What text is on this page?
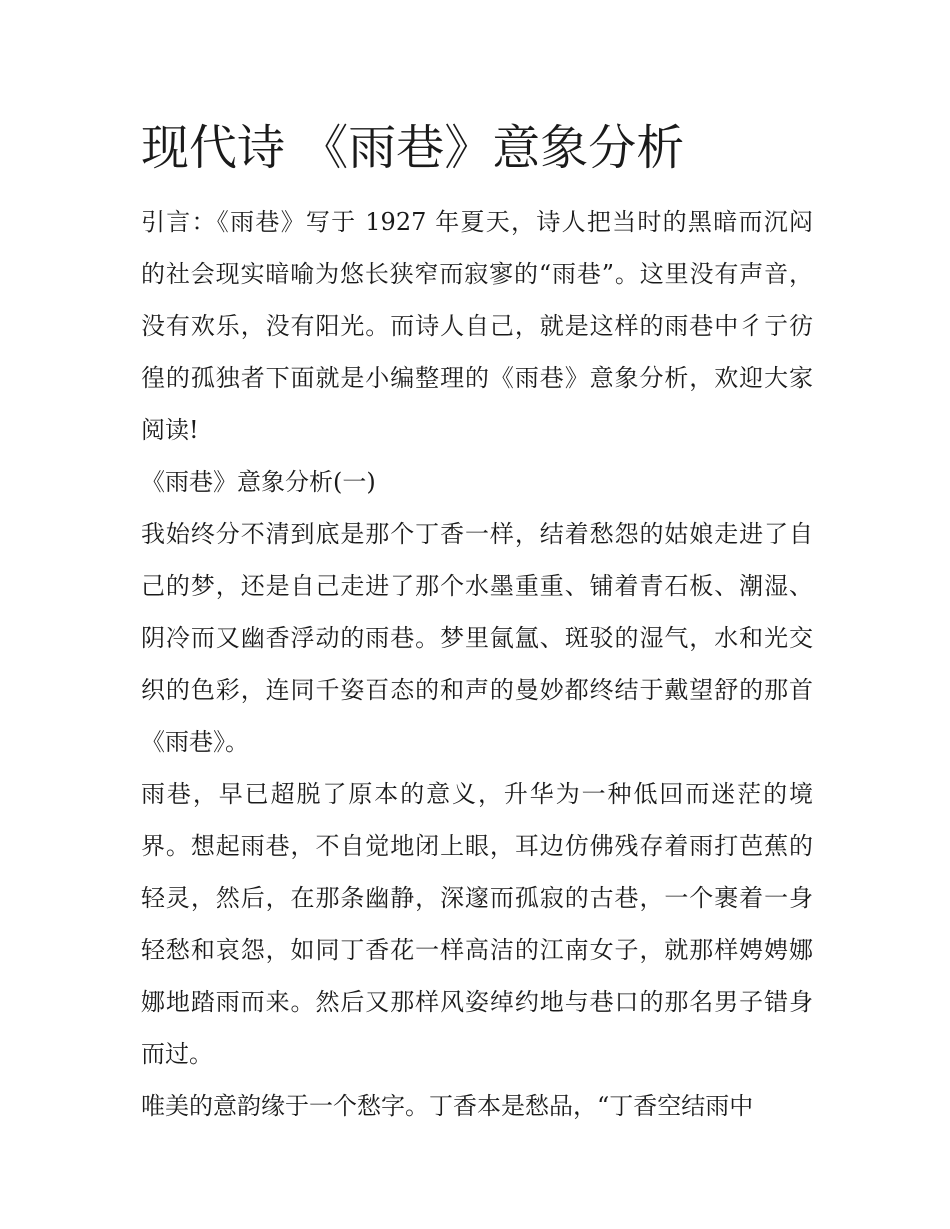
现代诗 《雨巷》意象分析
引言：《雨巷》写于 1927 年夏天，诗人把当时的黑暗而沉闷
的社会现实暗喻为悠长狭窄而寂寥的“雨巷”。这里没有声音，
没有欢乐，没有阳光。而诗人自己，就是这样的雨巷中彳亍彷
徨的孤独者下面就是小编整理的《雨巷》意象分析，欢迎大家
阅读!
《雨巷》意象分析(一)
我始终分不清到底是那个丁香一样，结着愁怨的姑娘走进了自
己的梦，还是自己走进了那个水墨重重、铺着青石板、潮湿、
阴冷而又幽香浮动的雨巷。梦里氤氲、斑驳的湿气，水和光交
织的色彩，连同千姿百态的和声的曼妙都终结于戴望舒的那首
《雨巷》。
雨巷，早已超脱了原本的意义，升华为一种低回而迷茫的境
界。想起雨巷，不自觉地闭上眼，耳边仿佛残存着雨打芭蕉的
轻灵，然后，在那条幽静，深邃而孤寂的古巷，一个裹着一身
轻愁和哀怨，如同丁香花一样高洁的江南女子，就那样娉娉娜
娜地踏雨而来。然后又那样风姿绰约地与巷口的那名男子错身
而过。
唯美的意韵缘于一个愁字。丁香本是愁品，“丁香空结雨中
